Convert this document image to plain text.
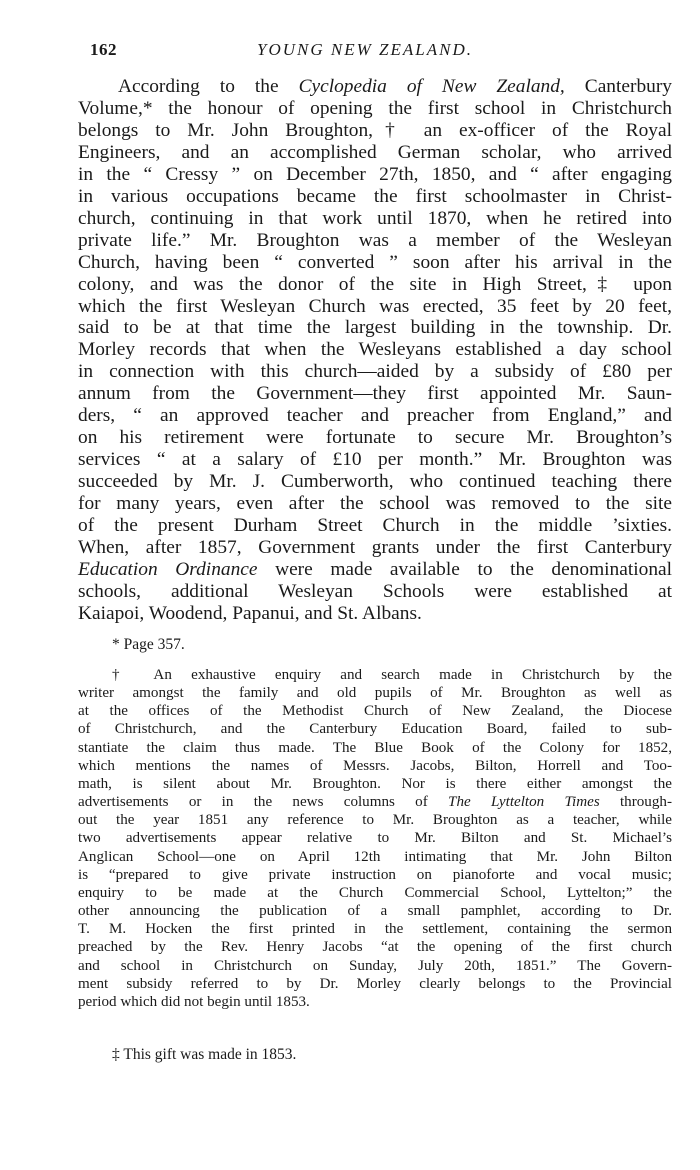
162	YOUNG NEW ZEALAND.
According to the Cyclopedia of New Zealand, Canterbury
Volume,* the honour of opening the first school in Christchurch
belongs to Mr. John Broughton,† an ex-officer of the Royal
Engineers, and an accomplished German scholar, who arrived
in the “ Cressy ” on December 27th, 1850, and “ after engaging
in various occupations became the first schoolmaster in Christ-
church, continuing in that work until 1870, when he retired into
private life.” Mr. Broughton was a member of the Wesleyan
Church, having been “ converted ” soon after his arrival in the
colony, and was the donor of the site in High Street,‡ upon
which the first Wesleyan Church was erected, 35 feet by 20 feet,
said to be at that time the largest building in the township. Dr.
Morley records that when the Wesleyans established a day school
in connection with this church—aided by a subsidy of £80 per
annum from the Government—they first appointed Mr. Saun-
ders, “ an approved teacher and preacher from England,” and
on his retirement were fortunate to secure Mr. Broughton’s
services “ at a salary of £10 per month.” Mr. Broughton was
succeeded by Mr. J. Cumberworth, who continued teaching there
for many years, even after the school was removed to the site
of the present Durham Street Church in the middle ’sixties.
When, after 1857, Government grants under the first Canterbury
Education Ordinance were made available to the denominational
schools, additional Wesleyan Schools were established at
Kaiapoi, Woodend, Papanui, and St. Albans.

* Page 357.

† An exhaustive enquiry and search made in Christchurch by the
writer amongst the family and old pupils of Mr. Broughton as well as
at the offices of the Methodist Church of New Zealand, the Diocese
of Christchurch, and the Canterbury Education Board, failed to sub-
stantiate the claim thus made. The Blue Book of the Colony for 1852,
which mentions the names of Messrs. Jacobs, Bilton, Horrell and Too-
math, is silent about Mr. Broughton. Nor is there either amongst the
advertisements or in the news columns of The Lyttelton Times through-
out the year 1851 any reference to Mr. Broughton as a teacher, while
two advertisements appear relative to Mr. Bilton and St. Michael’s
Anglican School—one on April 12th intimating that Mr. John Bilton
is “prepared to give private instruction on pianoforte and vocal music;
enquiry to be made at the Church Commercial School, Lyttelton;” the
other announcing the publication of a small pamphlet, according to Dr.
T. M. Hocken the first printed in the settlement, containing the sermon
preached by the Rev. Henry Jacobs “at the opening of the first church
and school in Christchurch on Sunday, July 20th, 1851.” The Govern-
ment subsidy referred to by Dr. Morley clearly belongs to the Provincial
period which did not begin until 1853.

‡ This gift was made in 1853.
